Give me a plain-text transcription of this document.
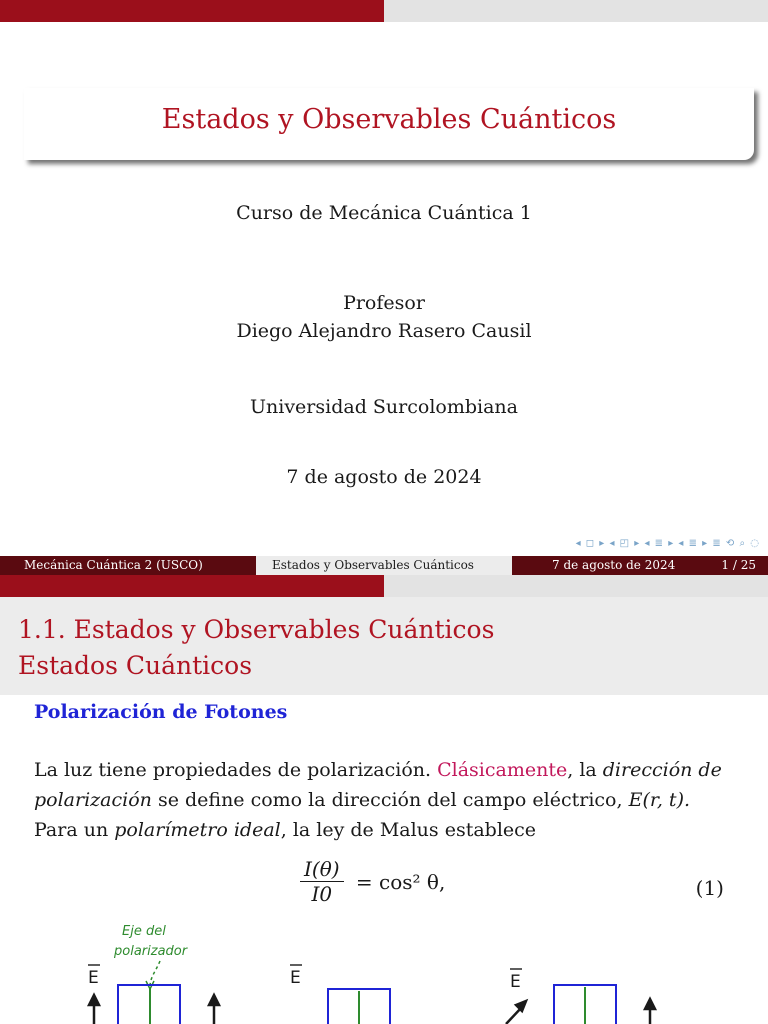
Estados y Observables Cuánticos
Curso de Mecánica Cuántica 1
Profesor
Diego Alejandro Rasero Causil
Universidad Surcolombiana
7 de agosto de 2024
◂ ◻ ▸ ◂ ◰ ▸ ◂ ≣ ▸ ◂ ≣ ▸ ≣ ⟲ ⌕ ◌
Mecánica Cuántica 2 (USCO)	Estados y Observables Cuánticos	7 de agosto de 2024	1 / 25
1.1. Estados y Observables Cuánticos
Estados Cuánticos
Polarización de Fotones
La luz tiene propiedades de polarización. Clásicamente, la dirección de
polarización se define como la dirección del campo eléctrico, E(r, t).
Para un polarímetro ideal, la ley de Malus establece
$\frac{I(\theta)}{I0} = \cos^2$ θ,	(1)
Eje del
polarizador
E	E	E
